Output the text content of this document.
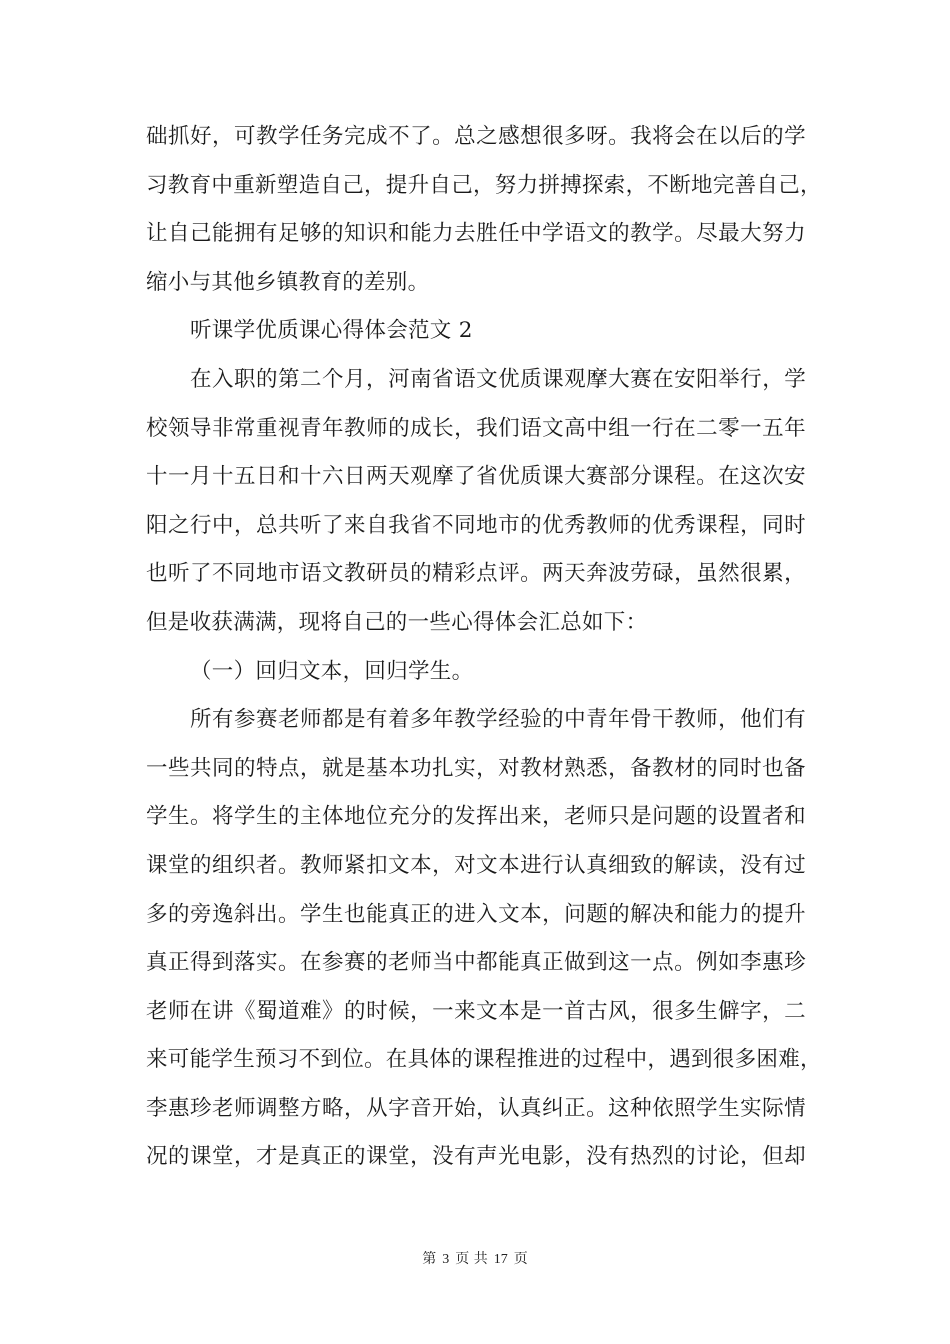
础抓好，可教学任务完成不了。总之感想很多呀。我将会在以后的学
习教育中重新塑造自己，提升自己，努力拼搏探索，不断地完善自己，
让自己能拥有足够的知识和能力去胜任中学语文的教学。尽最大努力
缩小与其他乡镇教育的差别。
听课学优质课心得体会范文 2
在入职的第二个月，河南省语文优质课观摩大赛在安阳举行，学
校领导非常重视青年教师的成长，我们语文高中组一行在二零一五年
十一月十五日和十六日两天观摩了省优质课大赛部分课程。在这次安
阳之行中，总共听了来自我省不同地市的优秀教师的优秀课程，同时
也听了不同地市语文教研员的精彩点评。两天奔波劳碌，虽然很累，
但是收获满满，现将自己的一些心得体会汇总如下：
（一）回归文本，回归学生。
所有参赛老师都是有着多年教学经验的中青年骨干教师，他们有
一些共同的特点，就是基本功扎实，对教材熟悉，备教材的同时也备
学生。将学生的主体地位充分的发挥出来，老师只是问题的设置者和
课堂的组织者。教师紧扣文本，对文本进行认真细致的解读，没有过
多的旁逸斜出。学生也能真正的进入文本，问题的解决和能力的提升
真正得到落实。在参赛的老师当中都能真正做到这一点。例如李惠珍
老师在讲《蜀道难》的时候，一来文本是一首古风，很多生僻字，二
来可能学生预习不到位。在具体的课程推进的过程中，遇到很多困难，
李惠珍老师调整方略，从字音开始，认真纠正。这种依照学生实际情
况的课堂，才是真正的课堂，没有声光电影，没有热烈的讨论，但却
第 3 页 共 17 页
